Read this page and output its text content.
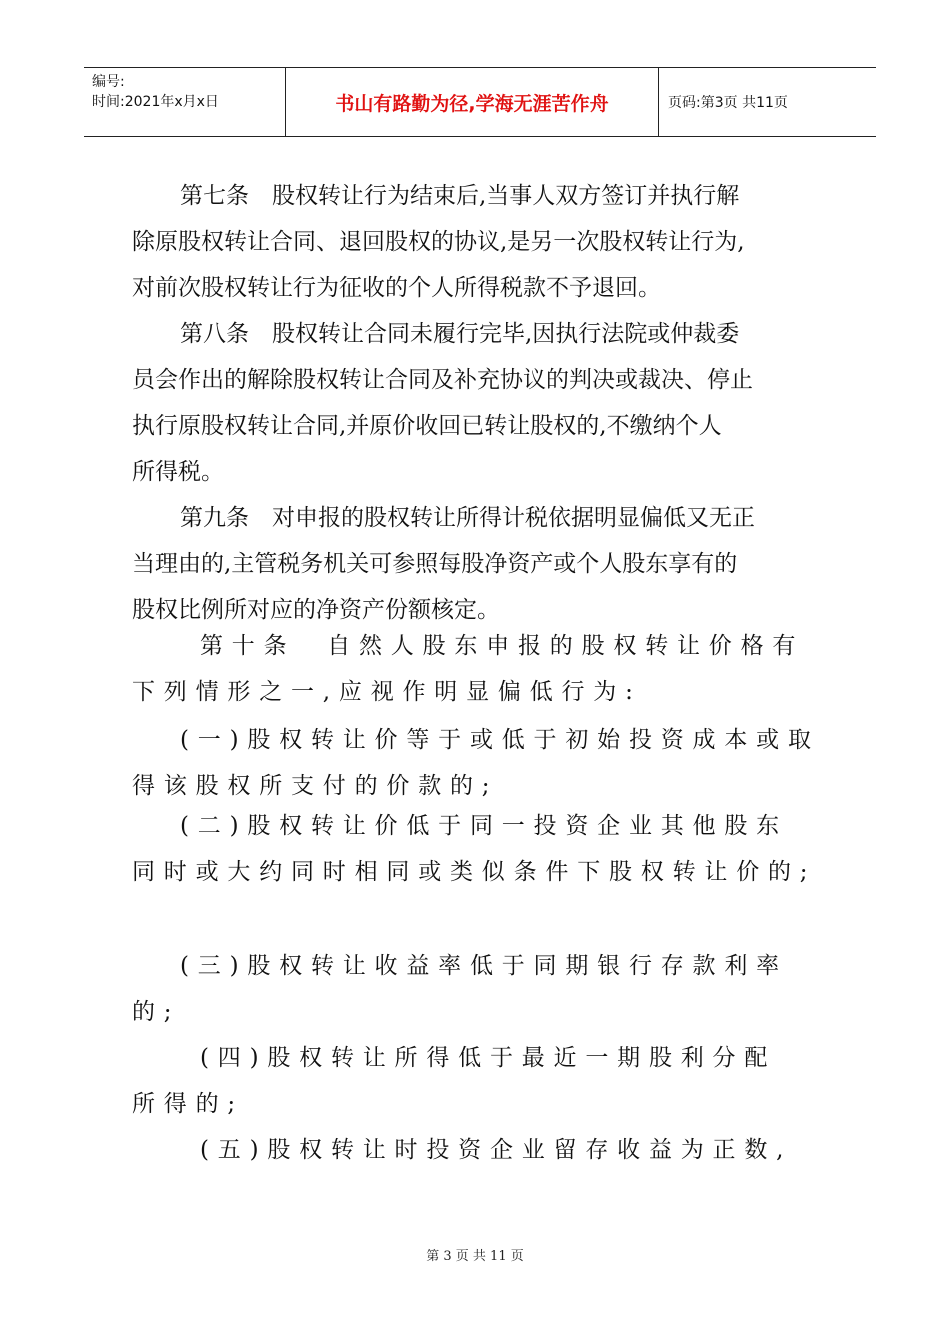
编号:
时间:2021年x月x日	书山有路勤为径,学海无涯苦作舟	页码:第3页 共11页
第七条　股权转让行为结束后,当事人双方签订并执行解
除原股权转让合同、退回股权的协议,是另一次股权转让行为,
对前次股权转让行为征收的个人所得税款不予退回。
第八条　股权转让合同未履行完毕,因执行法院或仲裁委
员会作出的解除股权转让合同及补充协议的判决或裁决、停止
执行原股权转让合同,并原价收回已转让股权的,不缴纳个人
所得税。
第九条　对申报的股权转让所得计税依据明显偏低又无正
当理由的,主管税务机关可参照每股净资产或个人股东享有的
股权比例所对应的净资产份额核定。
第十条　自然人股东申报的股权转让价格有
下列情形之一,应视作明显偏低行为:
(一)股权转让价等于或低于初始投资成本或取
得该股权所支付的价款的;
(二)股权转让价低于同一投资企业其他股东
同时或大约同时相同或类似条件下股权转让价的;
(三)股权转让收益率低于同期银行存款利率
的;
(四)股权转让所得低于最近一期股利分配
所得的;
(五)股权转让时投资企业留存收益为正数,
第 3 页 共 11 页
